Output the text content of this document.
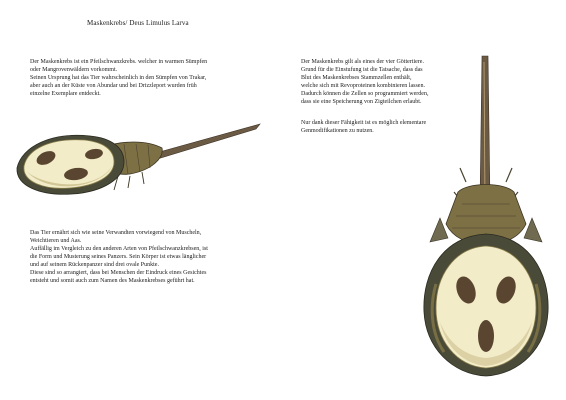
Maskenkrebs/ Deus Limulus Larva

Der Maskenkrebs ist ein Pfeilschwanzkrebs. welcher in warmen Sümpfen

oder Mangrovenwäldern vorkommt.

Seinen Ursprung hat das Tier wahrscheinlich in den Sümpfen von Trakar,

aber auch an der Küste von Abundar und bei Drizzleport wurden früh

einzelne Exemplare entdeckt.

Das Tier ernährt sich wie seine Verwandten vorwiegend von Muscheln,

Weichtieren und Aas.

Auffällig im Vergleich zu den anderen Arten von Pfeilschwanzkrebsen, ist

die Form und Musterung seines Panzers. Sein Körper ist etwas länglicher

und auf seinem Rückenpanzer sind drei ovale Punkte.

Diese sind so arrangiert, dass bei Menschen der Eindruck eines Gesichtes

entsteht und somit auch zum Namen des Maskenkrebses geführt hat.

Der Maskenkrebs gilt als eines der vier Göttertiere.

Grund für die Einstufung ist die Tatsache, dass das

Blut des Maskenkrebses Stammzellen enthält,

welche sich mit Revoproteinen kombinieren lassen.

Dadurch können die Zellen so programmiert werden,

dass sie eine Speicherung von Zigteilchen erlaubt.

Nur dank dieser Fähigkeit ist es möglich elementare

Genmodifikationen zu nutzen.
